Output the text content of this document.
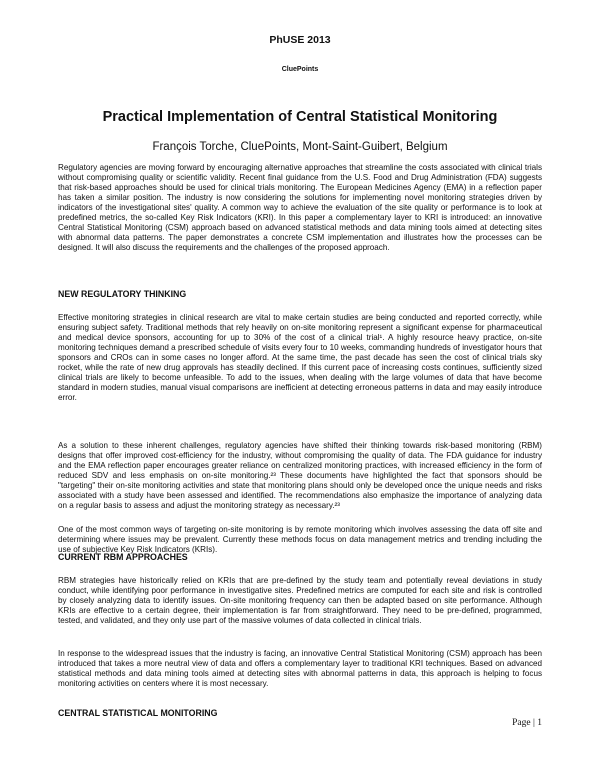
PhUSE 2013
CluePoints
Practical Implementation of Central Statistical Monitoring
François Torche, CluePoints, Mont-Saint-Guibert, Belgium

Regulatory agencies are moving forward by encouraging alternative approaches that streamline the costs associated with clinical trials without compromising quality or scientific validity. Recent final guidance from the U.S. Food and Drug Administration (FDA) suggests that risk-based approaches should be used for clinical trials monitoring. The European Medicines Agency (EMA) in a reflection paper has taken a similar position. The industry is now considering the solutions for implementing novel monitoring strategies driven by indicators of the investigational sites' quality. A common way to achieve the evaluation of the site quality or performance is to look at predefined metrics, the so-called Key Risk Indicators (KRI). In this paper a complementary layer to KRI is introduced: an innovative Central Statistical Monitoring (CSM) approach based on advanced statistical methods and data mining tools aimed at detecting sites with abnormal data patterns. The paper demonstrates a concrete CSM implementation and illustrates how the processes can be designed. It will also discuss the requirements and the challenges of the proposed approach.

NEW REGULATORY THINKING

Effective monitoring strategies in clinical research are vital to make certain studies are being conducted and reported correctly, while ensuring subject safety. Traditional methods that rely heavily on on-site monitoring represent a significant expense for pharmaceutical and medical device sponsors, accounting for up to 30% of the cost of a clinical trial¹. A highly resource heavy practice, on-site monitoring techniques demand a prescribed schedule of visits every four to 10 weeks, commanding hundreds of investigator hours that sponsors and CROs can in some cases no longer afford. At the same time, the past decade has seen the cost of clinical trials sky rocket, while the rate of new drug approvals has steadily declined. If this current pace of increasing costs continues, sufficiently sized clinical trials are likely to become unfeasible. To add to the issues, when dealing with the large volumes of data that have become standard in modern studies, manual visual comparisons are inefficient at detecting erroneous patterns in data and may easily introduce error.

As a solution to these inherent challenges, regulatory agencies have shifted their thinking towards risk-based monitoring (RBM) designs that offer improved cost-efficiency for the industry, without compromising the quality of data. The FDA guidance for industry and the EMA reflection paper encourages greater reliance on centralized monitoring practices, with increased efficiency in the form of reduced SDV and less emphasis on on-site monitoring.²³ These documents have highlighted the fact that sponsors should be "targeting" their on-site monitoring activities and state that monitoring plans should only be developed once the unique needs and risks associated with a study have been assessed and identified. The recommendations also emphasize the importance of analyzing data on a regular basis to assess and adjust the monitoring strategy as necessary.²³

One of the most common ways of targeting on-site monitoring is by remote monitoring which involves assessing the data off site and determining where issues may be prevalent. Currently these methods focus on data management metrics and trending including the use of subjective Key Risk Indicators (KRIs).

CURRENT RBM APPROACHES

RBM strategies have historically relied on KRIs that are pre-defined by the study team and potentially reveal deviations in study conduct, while identifying poor performance in investigative sites. Predefined metrics are computed for each site and risk is controlled by closely analyzing data to identify issues. On-site monitoring frequency can then be adapted based on site performance. Although KRIs are effective to a certain degree, their implementation is far from straightforward. They need to be pre-defined, programmed, tested, and validated, and they only use part of the massive volumes of data collected in clinical trials.

In response to the widespread issues that the industry is facing, an innovative Central Statistical Monitoring (CSM) approach has been introduced that takes a more neutral view of data and offers a complementary layer to traditional KRI techniques. Based on advanced statistical methods and data mining tools aimed at detecting sites with abnormal patterns in data, this approach is helping to focus monitoring activities on centers where it is most necessary.

CENTRAL STATISTICAL MONITORING
Page | 1
